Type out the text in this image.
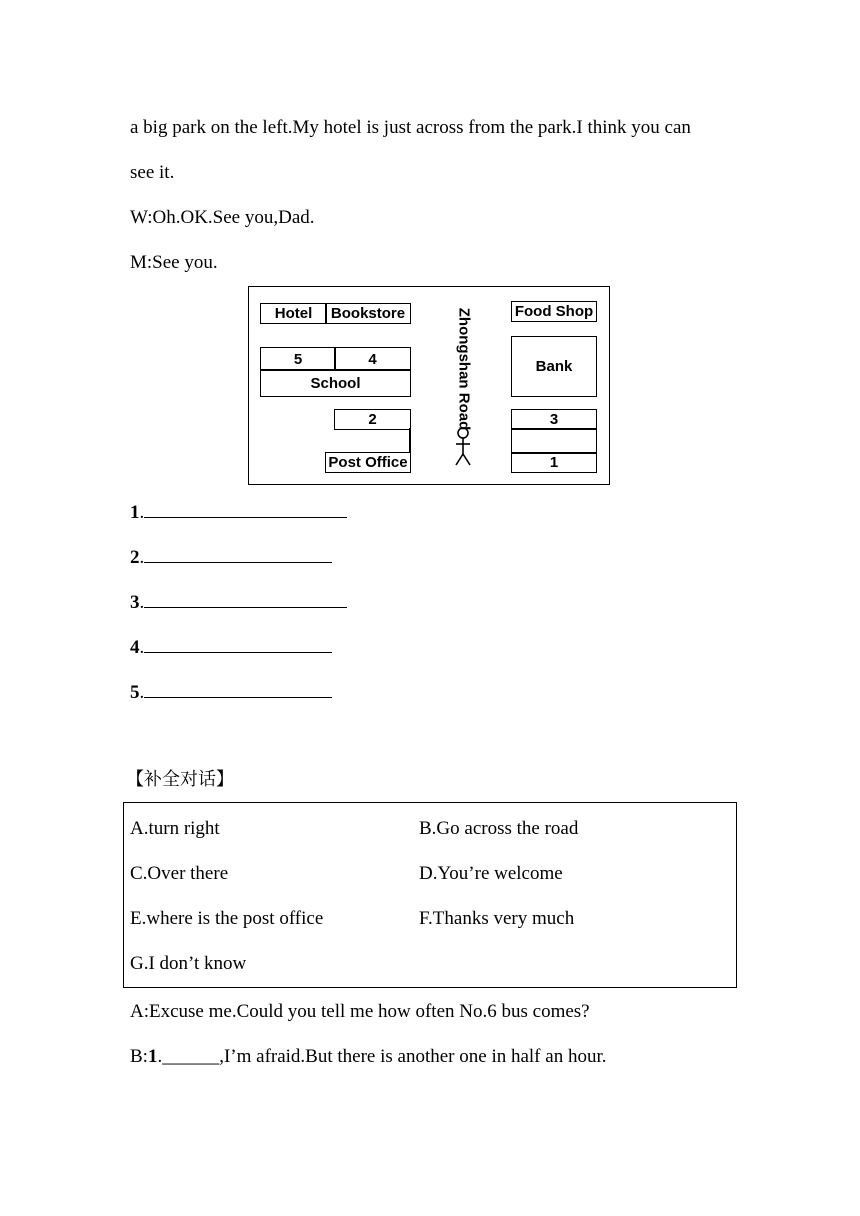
a big park on the left.My hotel is just across from the park.I think you can
see it.
W:Oh.OK.See you,Dad.
M:See you.
Hotel	Bookstore	Food Shop
5	4
School
Bank
2
Post Office
3
1
Zhongshan Road
1.
2.
3.
4.
5.
【补全对话】
A.turn right	B.Go across the road
C.Over there	D.You’re welcome
E.where is the post office	F.Thanks very much
G.I don’t know
A:Excuse me.Could you tell me how often No.6 bus comes?
B:1.______,I’m afraid.But there is another one in half an hour.
